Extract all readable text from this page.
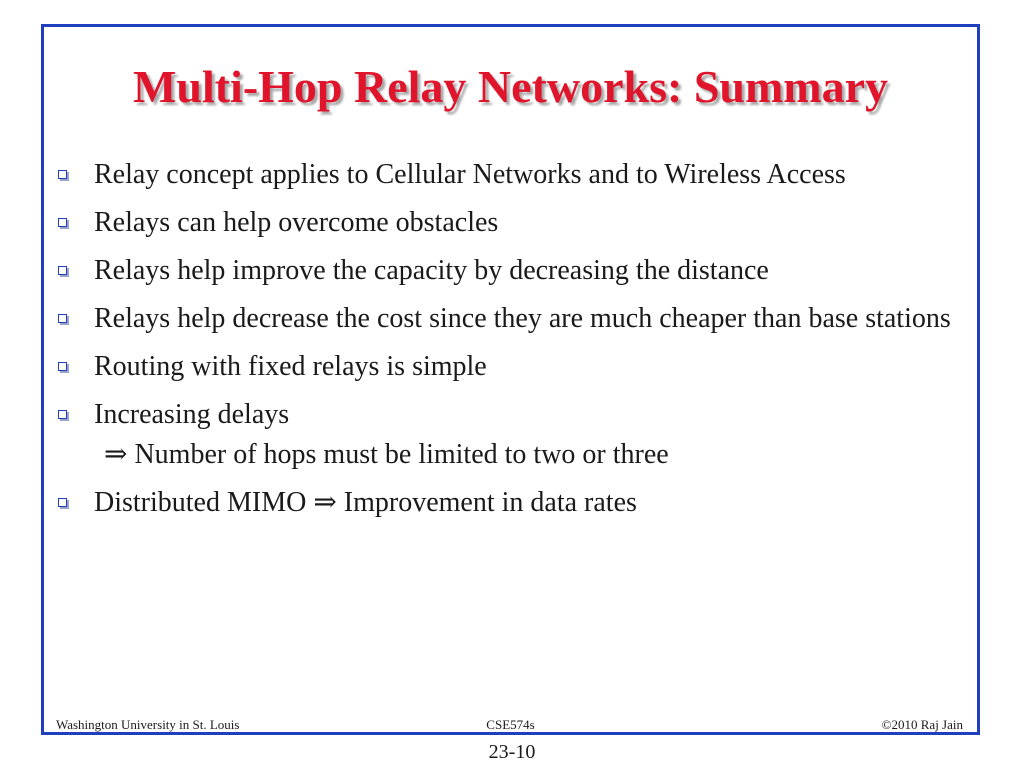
Multi-Hop Relay Networks: Summary
Relay concept applies to Cellular Networks and to Wireless Access
Relays can help overcome obstacles
Relays help improve the capacity by decreasing the distance
Relays help decrease the cost since they are much cheaper than base stations
Routing with fixed relays is simple
Increasing delays
⇒ Number of hops must be limited to two or three
Distributed MIMO ⇒ Improvement in data rates
CSE574s
Washington University in St. Louis	©2010 Raj Jain
23-10
